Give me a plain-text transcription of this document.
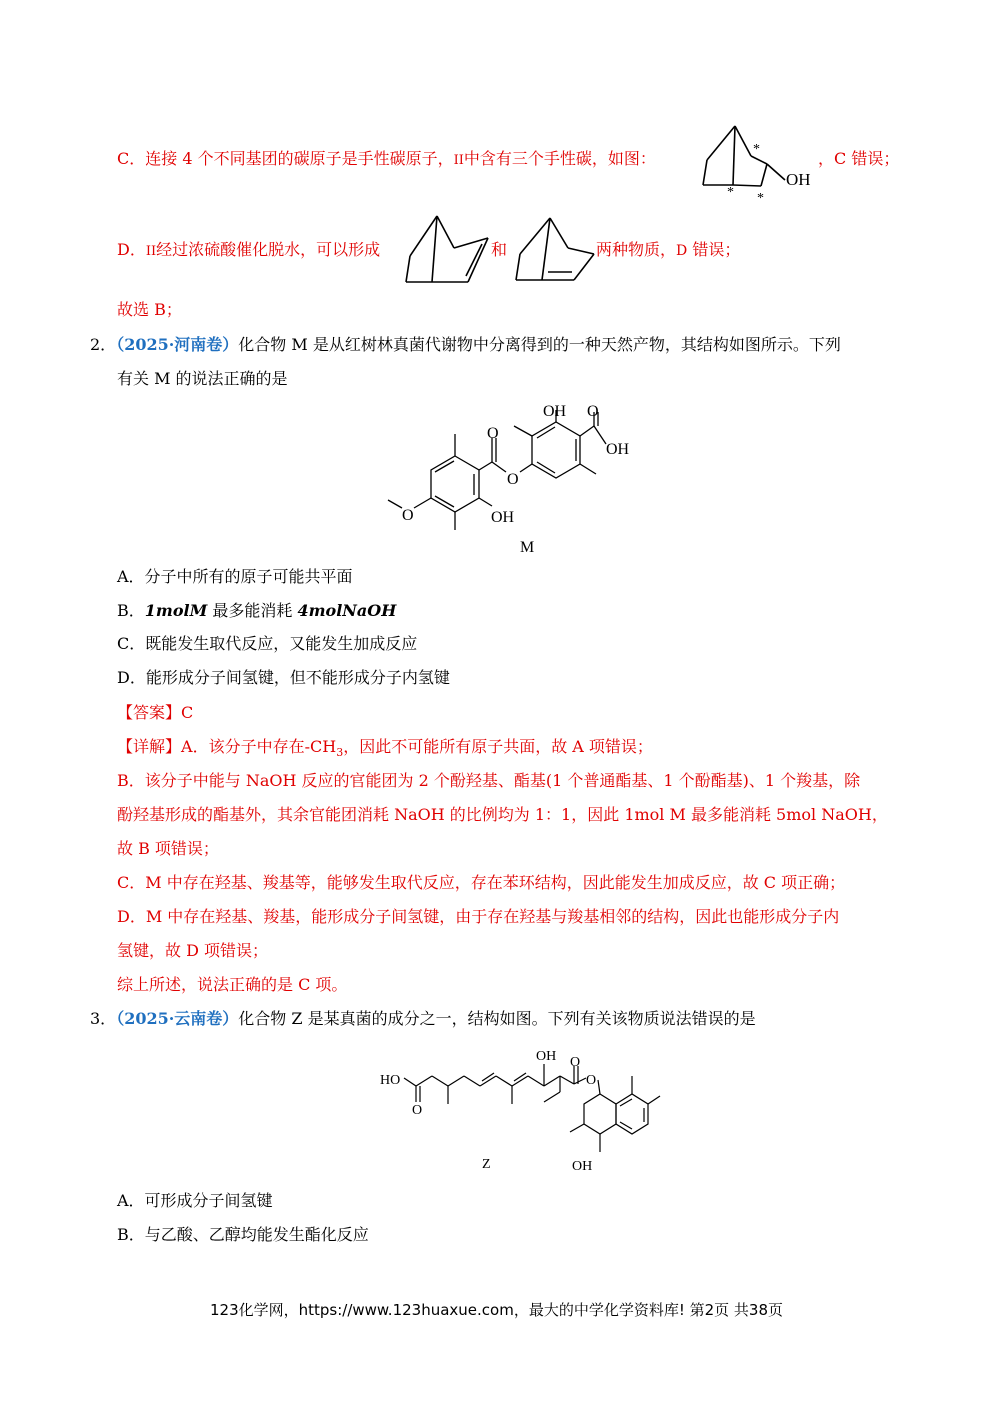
C．连接 4 个不同基团的碳原子是手性碳原子，II中含有三个手性碳，如图：	*
* *
OH
，C 错误；
D．II经过浓硫酸催化脱水，可以形成	和	两种物质，D 错误；
故选 B；
2．（2025·河南卷）化合物 M 是从红树林真菌代谢物中分离得到的一种天然产物，其结构如图所示。下列
有关 M 的说法正确的是
OH O
OH
O
O
O	OH
M
A．分子中所有的原子可能共平面
B．1molM 最多能消耗 4molNaOH
C．既能发生取代反应，又能发生加成反应
D．能形成分子间氢键，但不能形成分子内氢键
【答案】C
【详解】A．该分子中存在$-CH_3$，因此不可能所有原子共面，故 A 项错误；
B．该分子中能与 NaOH 反应的官能团为 2 个酚羟基、酯基(1 个普通酯基、1 个酚酯基)、1 个羧基，除
酚羟基形成的酯基外，其余官能团消耗 NaOH 的比例均为 1：1，因此 1mol M 最多能消耗 5mol NaOH，
故 B 项错误；
C．M 中存在羟基、羧基等，能够发生取代反应，存在苯环结构，因此能发生加成反应，故 C 项正确；
D．M 中存在羟基、羧基，能形成分子间氢键，由于存在羟基与羧基相邻的结构，因此也能形成分子内
氢键，故 D 项错误；
综上所述，说法正确的是 C 项。
3．（2025·云南卷）化合物 Z 是某真菌的成分之一，结构如图。下列有关该物质说法错误的是
HO
O
OH O
O
OH
Z
A．可形成分子间氢键
B．与乙酸、乙醇均能发生酯化反应
123化学网，https://www.123huaxue.com，最大的中学化学资料库! 第2页 共38页
